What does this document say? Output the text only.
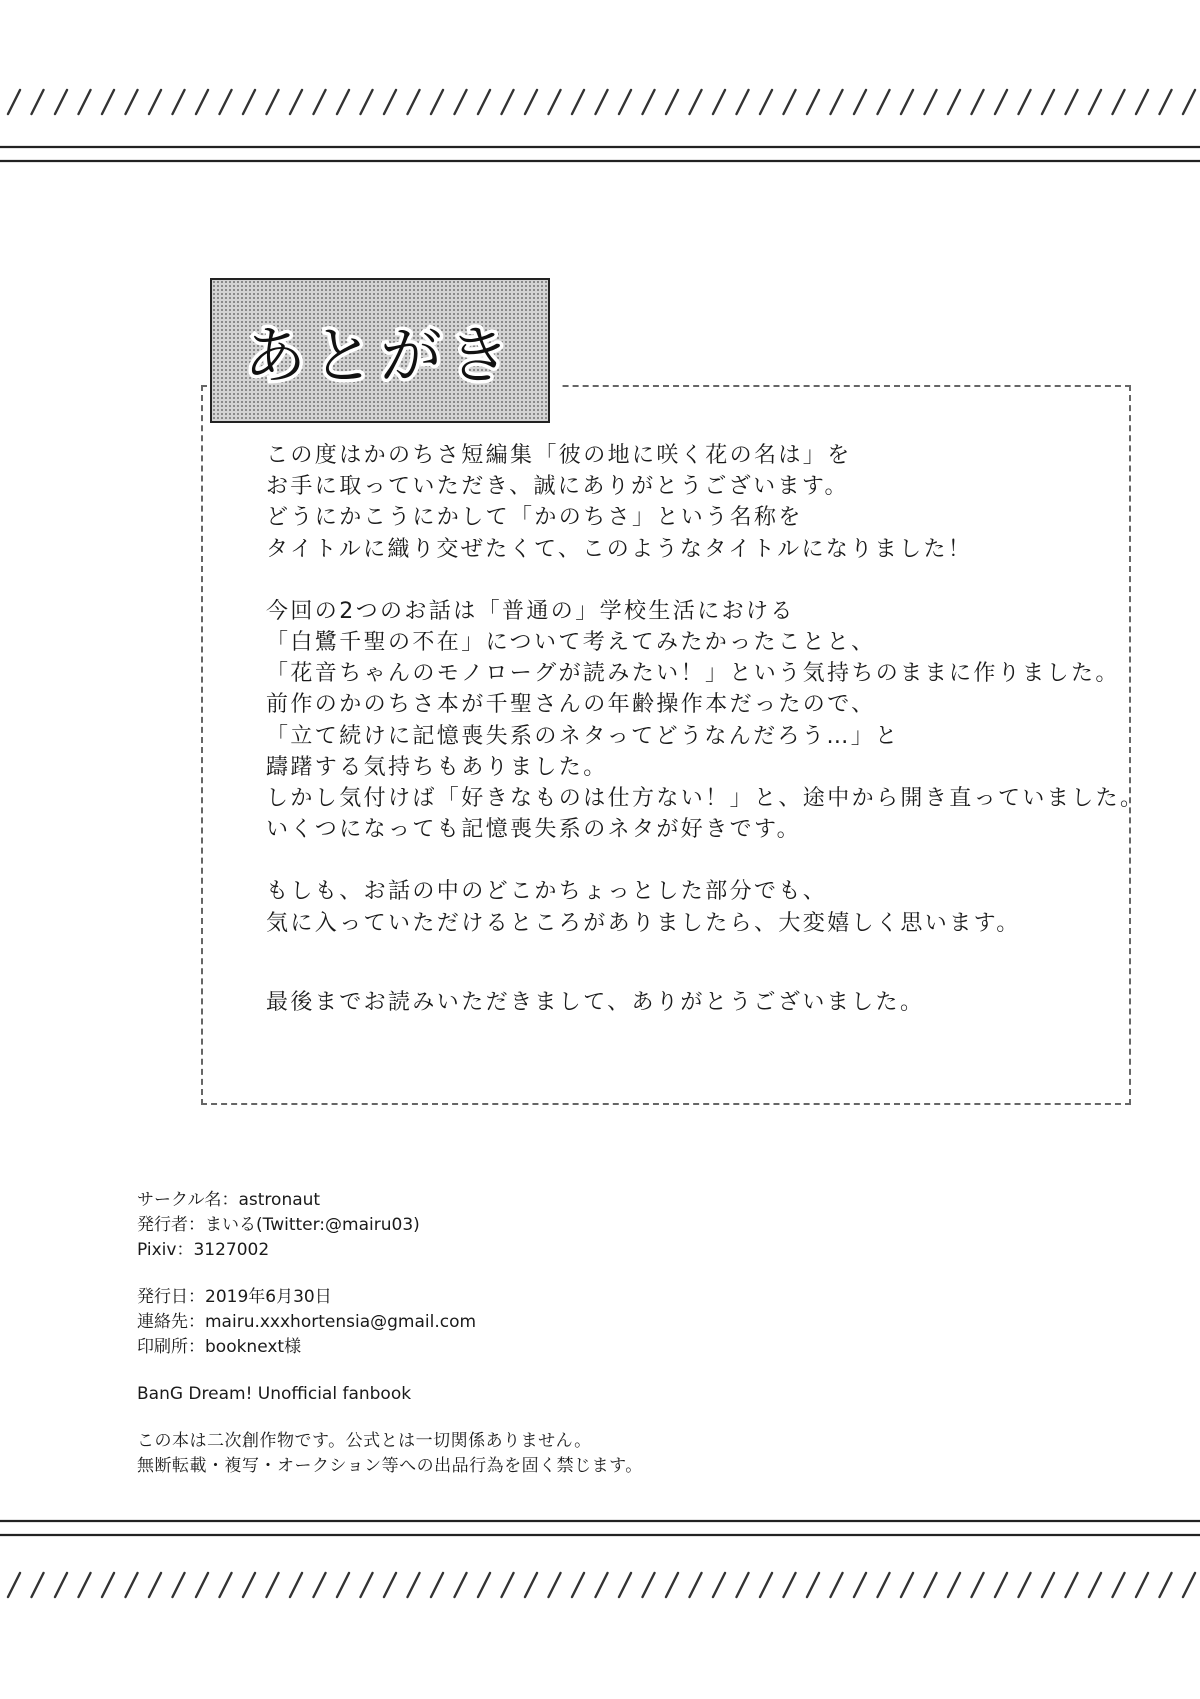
あとがき
この度はかのちさ短編集「彼の地に咲く花の名は」を
お手に取っていただき、誠にありがとうございます。
どうにかこうにかして「かのちさ」という名称を
タイトルに織り交ぜたくて、このようなタイトルになりました！
今回の2つのお話は「普通の」学校生活における
「白鷺千聖の不在」について考えてみたかったことと、
「花音ちゃんのモノローグが読みたい！」という気持ちのままに作りました。
前作のかのちさ本が千聖さんの年齢操作本だったので、
「立て続けに記憶喪失系のネタってどうなんだろう…」と
躊躇する気持ちもありました。
しかし気付けば「好きなものは仕方ない！」と、途中から開き直っていました。
いくつになっても記憶喪失系のネタが好きです。
もしも、お話の中のどこかちょっとした部分でも、
気に入っていただけるところがありましたら、大変嬉しく思います。
最後までお読みいただきまして、ありがとうございました。
サークル名：astronaut
発行者：まいる(Twitter:@mairu03)
Pixiv：3127002
発行日：2019年6月30日
連絡先：mairu.xxxhortensia@gmail.com
印刷所：booknext様
BanG Dream! Unofficial fanbook
この本は二次創作物です。公式とは一切関係ありません。
無断転載・複写・オークション等への出品行為を固く禁じます。
